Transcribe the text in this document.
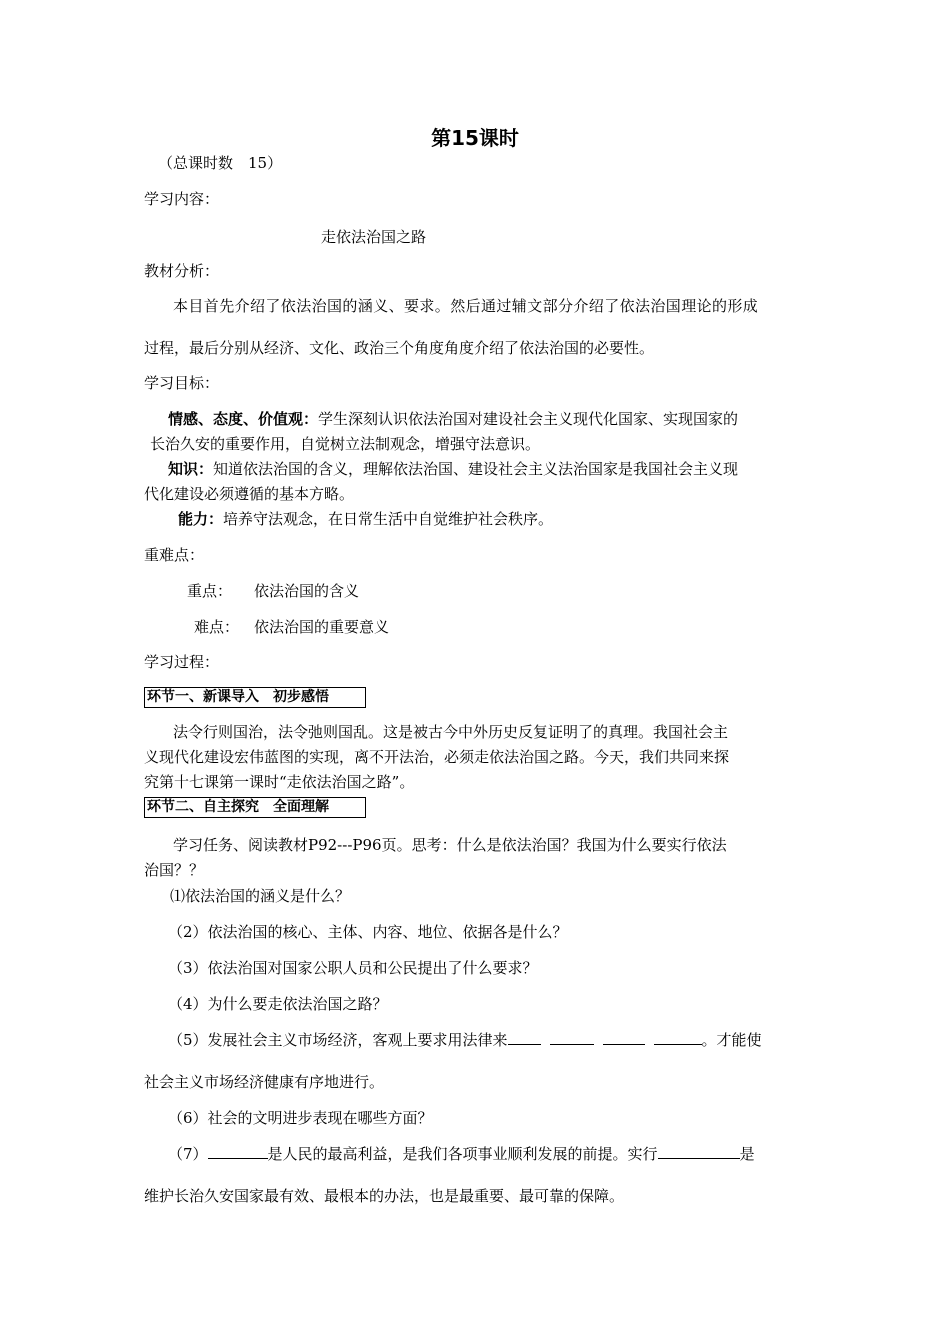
第15课时
（总课时数　15）
学习内容：
走依法治国之路
教材分析：
本目首先介绍了依法治国的涵义、要求。然后通过辅文部分介绍了依法治国理论的形成
过程，最后分别从经济、文化、政治三个角度角度介绍了依法治国的必要性。
学习目标：
情感、态度、价值观：学生深刻认识依法治国对建设社会主义现代化国家、实现国家的
长治久安的重要作用，自觉树立法制观念，增强守法意识。
知识：知道依法治国的含义，理解依法治国、建设社会主义法治国家是我国社会主义现
代化建设必须遵循的基本方略。
能力：培养守法观念，在日常生活中自觉维护社会秩序。
重难点：
重点： 依法治国的含义
难点： 依法治国的重要意义
学习过程：
环节一、新课导入　初步感悟
法令行则国治，法令弛则国乱。这是被古今中外历史反复证明了的真理。我国社会主
义现代化建设宏伟蓝图的实现，离不开法治，必须走依法治国之路。今天，我们共同来探
究第十七课第一课时“走依法治国之路”。
环节二、自主探究　全面理解
学习任务、阅读教材P92---P96页。思考：什么是依法治国？我国为什么要实行依法
治国？？
⑴依法治国的涵义是什么？
（2）依法治国的核心、主体、内容、地位、依据各是什么？
（3）依法治国对国家公职人员和公民提出了什么要求？
（4）为什么要走依法治国之路？
（5）发展社会主义市场经济，客观上要求用法律来	。才能使
社会主义市场经济健康有序地进行。
（6）社会的文明进步表现在哪些方面？
（7）	是人民的最高利益，是我们各项事业顺利发展的前提。实行	是
维护长治久安国家最有效、最根本的办法，也是最重要、最可靠的保障。
